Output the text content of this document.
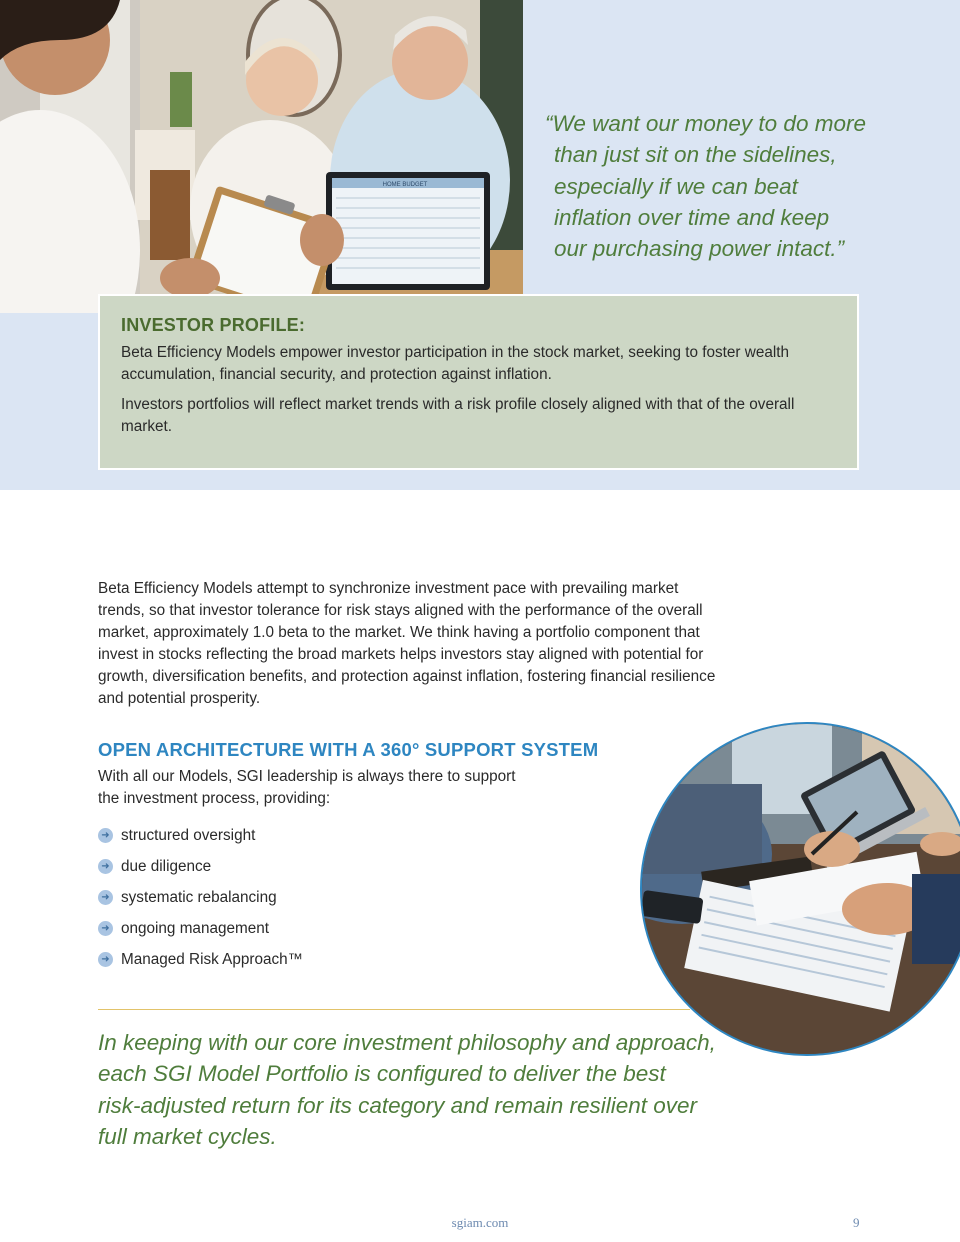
HOME BUDGET
“We want our money to do more
than just sit on the sidelines,
especially if we can beat
inflation over time and keep
our purchasing power intact.”

INVESTOR PROFILE:

Beta Efficiency Models empower investor participation in the stock market, seeking to foster wealth accumulation, financial security, and protection against inflation.

Investors portfolios will reflect market trends with a risk profile closely aligned with that of the overall market.

Beta Efficiency Models attempt to synchronize investment pace with prevailing market trends, so that investor tolerance for risk stays aligned with the performance of the overall market, approximately 1.0 beta to the market. We think having a portfolio component that invest in stocks reflecting the broad markets helps investors stay aligned with potential for growth, diversification benefits, and protection against inflation, fostering financial resilience and potential prosperity.

OPEN ARCHITECTURE WITH A 360° SUPPORT SYSTEM

With all our Models, SGI leadership is always there to support the investment process, providing:

➜ structured oversight
➜ due diligence
➜ systematic rebalancing
➜ ongoing management
➜ Managed Risk Approach™
In keeping with our core investment philosophy and approach,
each SGI Model Portfolio is configured to deliver the best
risk-adjusted return for its category and remain resilient over
full market cycles.

sgiam.com	9
